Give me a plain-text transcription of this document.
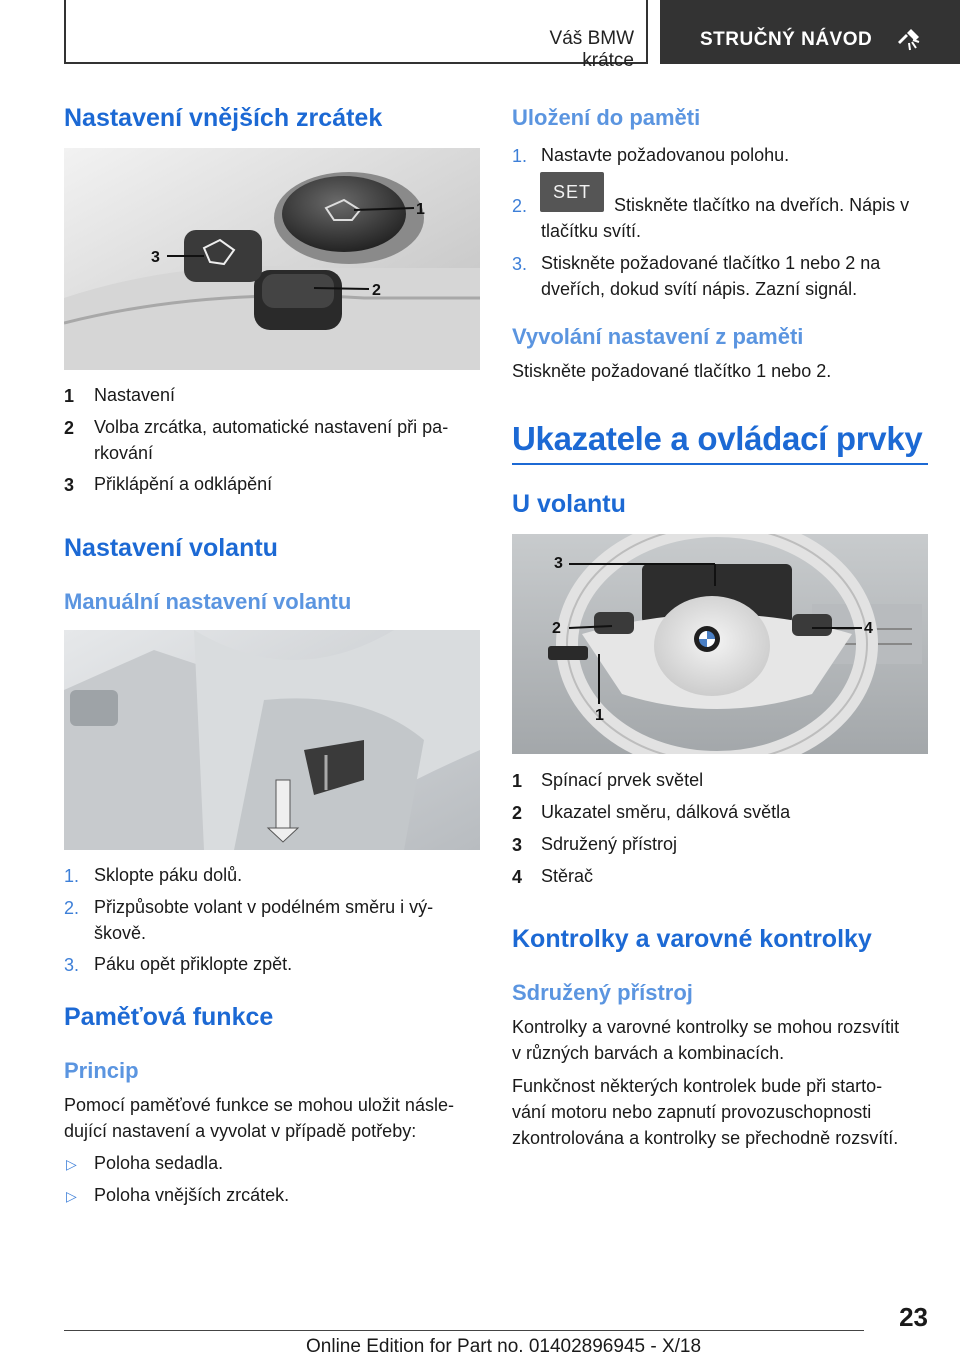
Váš BMW krátce
STRUČNÝ NÁVOD
Nastavení vnějších zrcátek
1
2
3
1 Nastavení
2 Volba zrcátka, automatické nastavení při pa-
rkování
3 Přiklápění a odklápění
Nastavení volantu
Manuální nastavení volantu
1. Sklopte páku dolů.
2. Přizpůsobte volant v podélném směru i vý-
škově.
3. Páku opět přiklopte zpět.
Paměťová funkce
Princip
Pomocí paměťové funkce se mohou uložit násle-
dující nastavení a vyvolat v případě potřeby:
▷ Poloha sedadla.
▷ Poloha vnějších zrcátek.
Uložení do paměti
1. Nastavte požadovanou polohu.
2.
SET
Stiskněte tlačítko na dveřích. Nápis v
tlačítku svítí.
3. Stiskněte požadované tlačítko 1 nebo 2 na
dveřích, dokud svítí nápis. Zazní signál.
Vyvolání nastavení z paměti
Stiskněte požadované tlačítko 1 nebo 2.
Ukazatele a ovládací prvky
U volantu
3
2	4
1
1 Spínací prvek světel
2 Ukazatel směru, dálková světla
3 Sdružený přístroj
4 Stěrač
Kontrolky a varovné kontrolky
Sdružený přístroj
Kontrolky a varovné kontrolky se mohou rozsvítit
v různých barvách a kombinacích.
Funkčnost některých kontrolek bude při starto-
vání motoru nebo zapnutí provozuschopnosti
zkontrolována a kontrolky se přechodně rozsvítí.
23
Online Edition for Part no. 01402896945 - X/18
